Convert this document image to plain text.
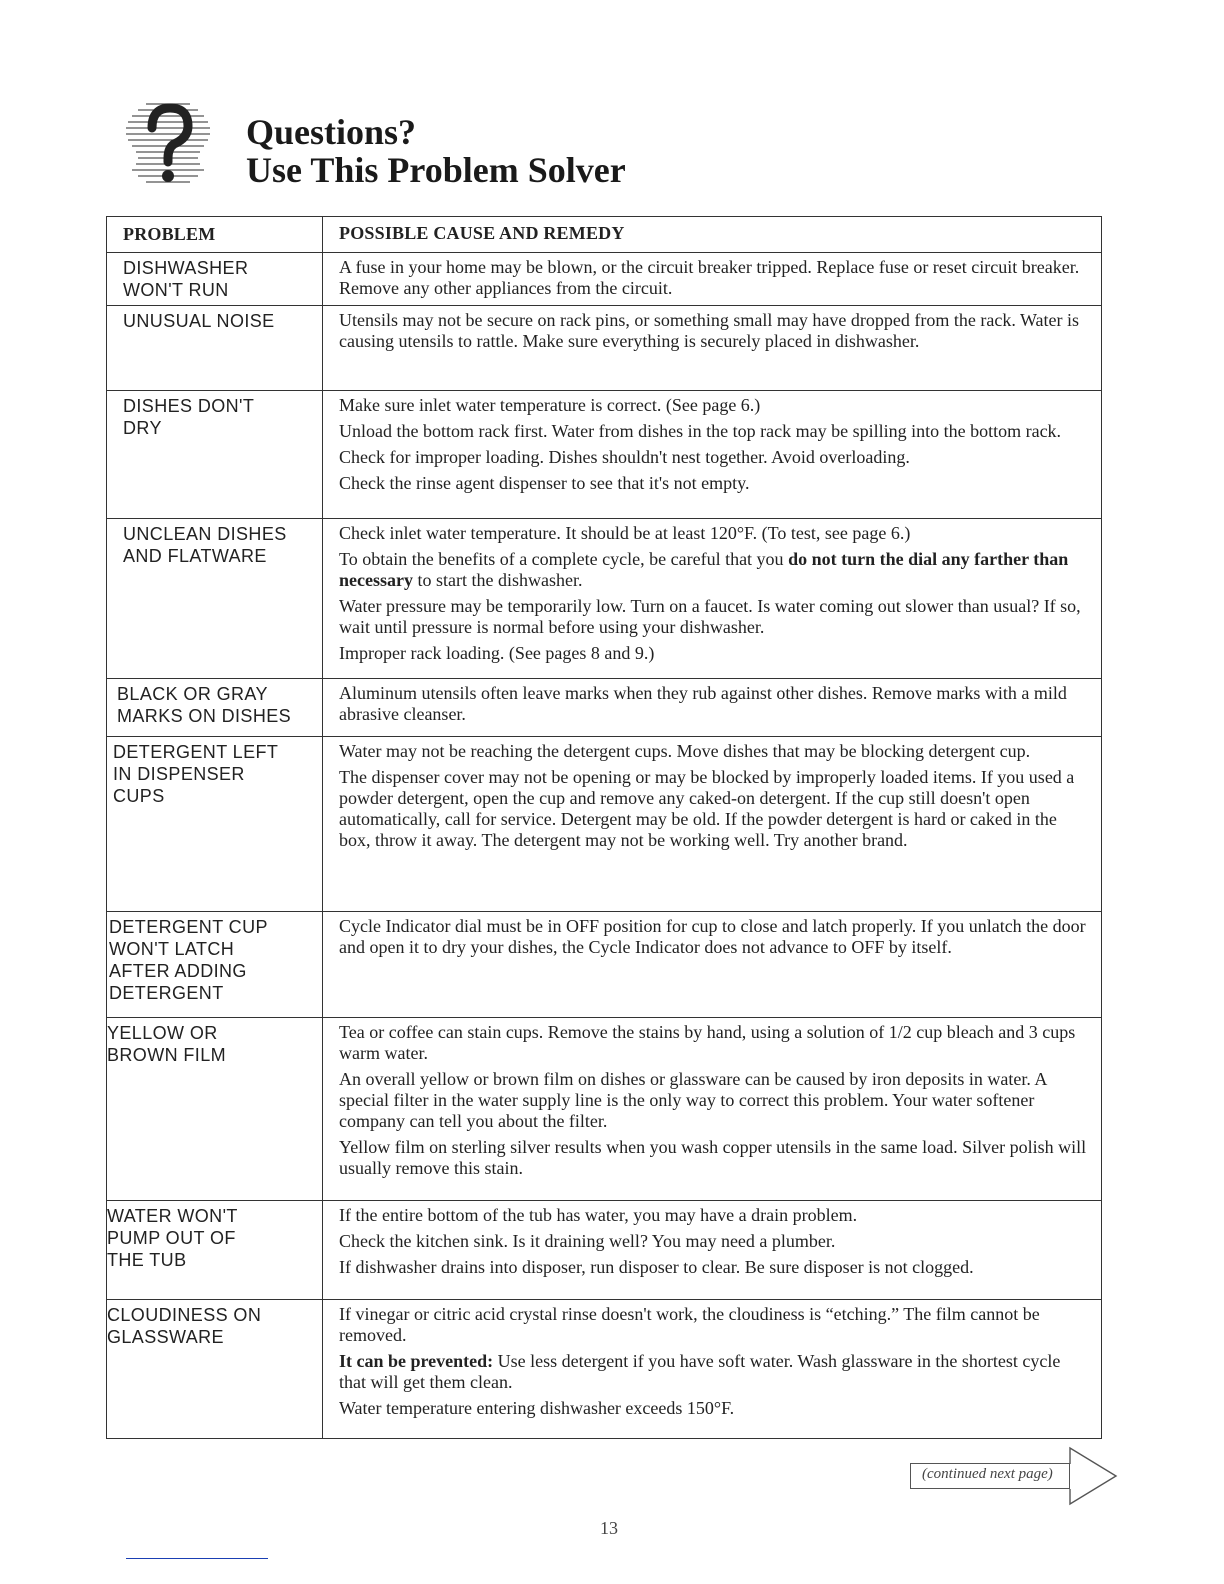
Questions?
Use This Problem Solver
PROBLEM	POSSIBLE CAUSE AND REMEDY
DISHWASHER
WON'T RUN

A fuse in your home may be blown, or the circuit breaker tripped. Replace fuse or reset circuit breaker. Remove any other appliances from the circuit.

UNUSUAL NOISE	Utensils may not be secure on rack pins, or something small may have dropped from the rack. Water is causing utensils to rattle. Make sure everything is securely placed in dishwasher.

DISHES DON'T
DRY

Make sure inlet water temperature is correct. (See page 6.)

Unload the bottom rack first. Water from dishes in the top rack may be spilling into the bottom rack.

Check for improper loading. Dishes shouldn't nest together. Avoid overloading.

Check the rinse agent dispenser to see that it's not empty.

UNCLEAN DISHES
AND FLATWARE

Check inlet water temperature. It should be at least 120°F. (To test, see page 6.)

To obtain the benefits of a complete cycle, be careful that you do not turn the dial any farther than necessary to start the dishwasher.

Water pressure may be temporarily low. Turn on a faucet. Is water coming out slower than usual? If so, wait until pressure is normal before using your dishwasher.

Improper rack loading. (See pages 8 and 9.)

BLACK OR GRAY
MARKS ON DISHES

Aluminum utensils often leave marks when they rub against other dishes. Remove marks with a mild abrasive cleanser.

DETERGENT LEFT
IN DISPENSER
CUPS

Water may not be reaching the detergent cups. Move dishes that may be blocking detergent cup.

The dispenser cover may not be opening or may be blocked by improperly loaded items. If you used a powder detergent, open the cup and remove any caked-on detergent. If the cup still doesn't open automatically, call for service. Detergent may be old. If the powder detergent is hard or caked in the box, throw it away. The detergent may not be working well. Try another brand.

DETERGENT CUP
WON'T LATCH
AFTER ADDING
DETERGENT

Cycle Indicator dial must be in OFF position for cup to close and latch properly. If you unlatch the door and open it to dry your dishes, the Cycle Indicator does not advance to OFF by itself.

YELLOW OR
BROWN FILM

Tea or coffee can stain cups. Remove the stains by hand, using a solution of 1/2 cup bleach and 3 cups warm water.

An overall yellow or brown film on dishes or glassware can be caused by iron deposits in water. A special filter in the water supply line is the only way to correct this problem. Your water softener company can tell you about the filter.

Yellow film on sterling silver results when you wash copper utensils in the same load. Silver polish will usually remove this stain.

WATER WON'T
PUMP OUT OF
THE TUB

If the entire bottom of the tub has water, you may have a drain problem.

Check the kitchen sink. Is it draining well? You may need a plumber.

If dishwasher drains into disposer, run disposer to clear. Be sure disposer is not clogged.

CLOUDINESS ON
GLASSWARE

If vinegar or citric acid crystal rinse doesn't work, the cloudiness is “etching.” The film cannot be removed.

It can be prevented: Use less detergent if you have soft water. Wash glassware in the shortest cycle that will get them clean.

Water temperature entering dishwasher exceeds 150°F.

(continued next page)
13
